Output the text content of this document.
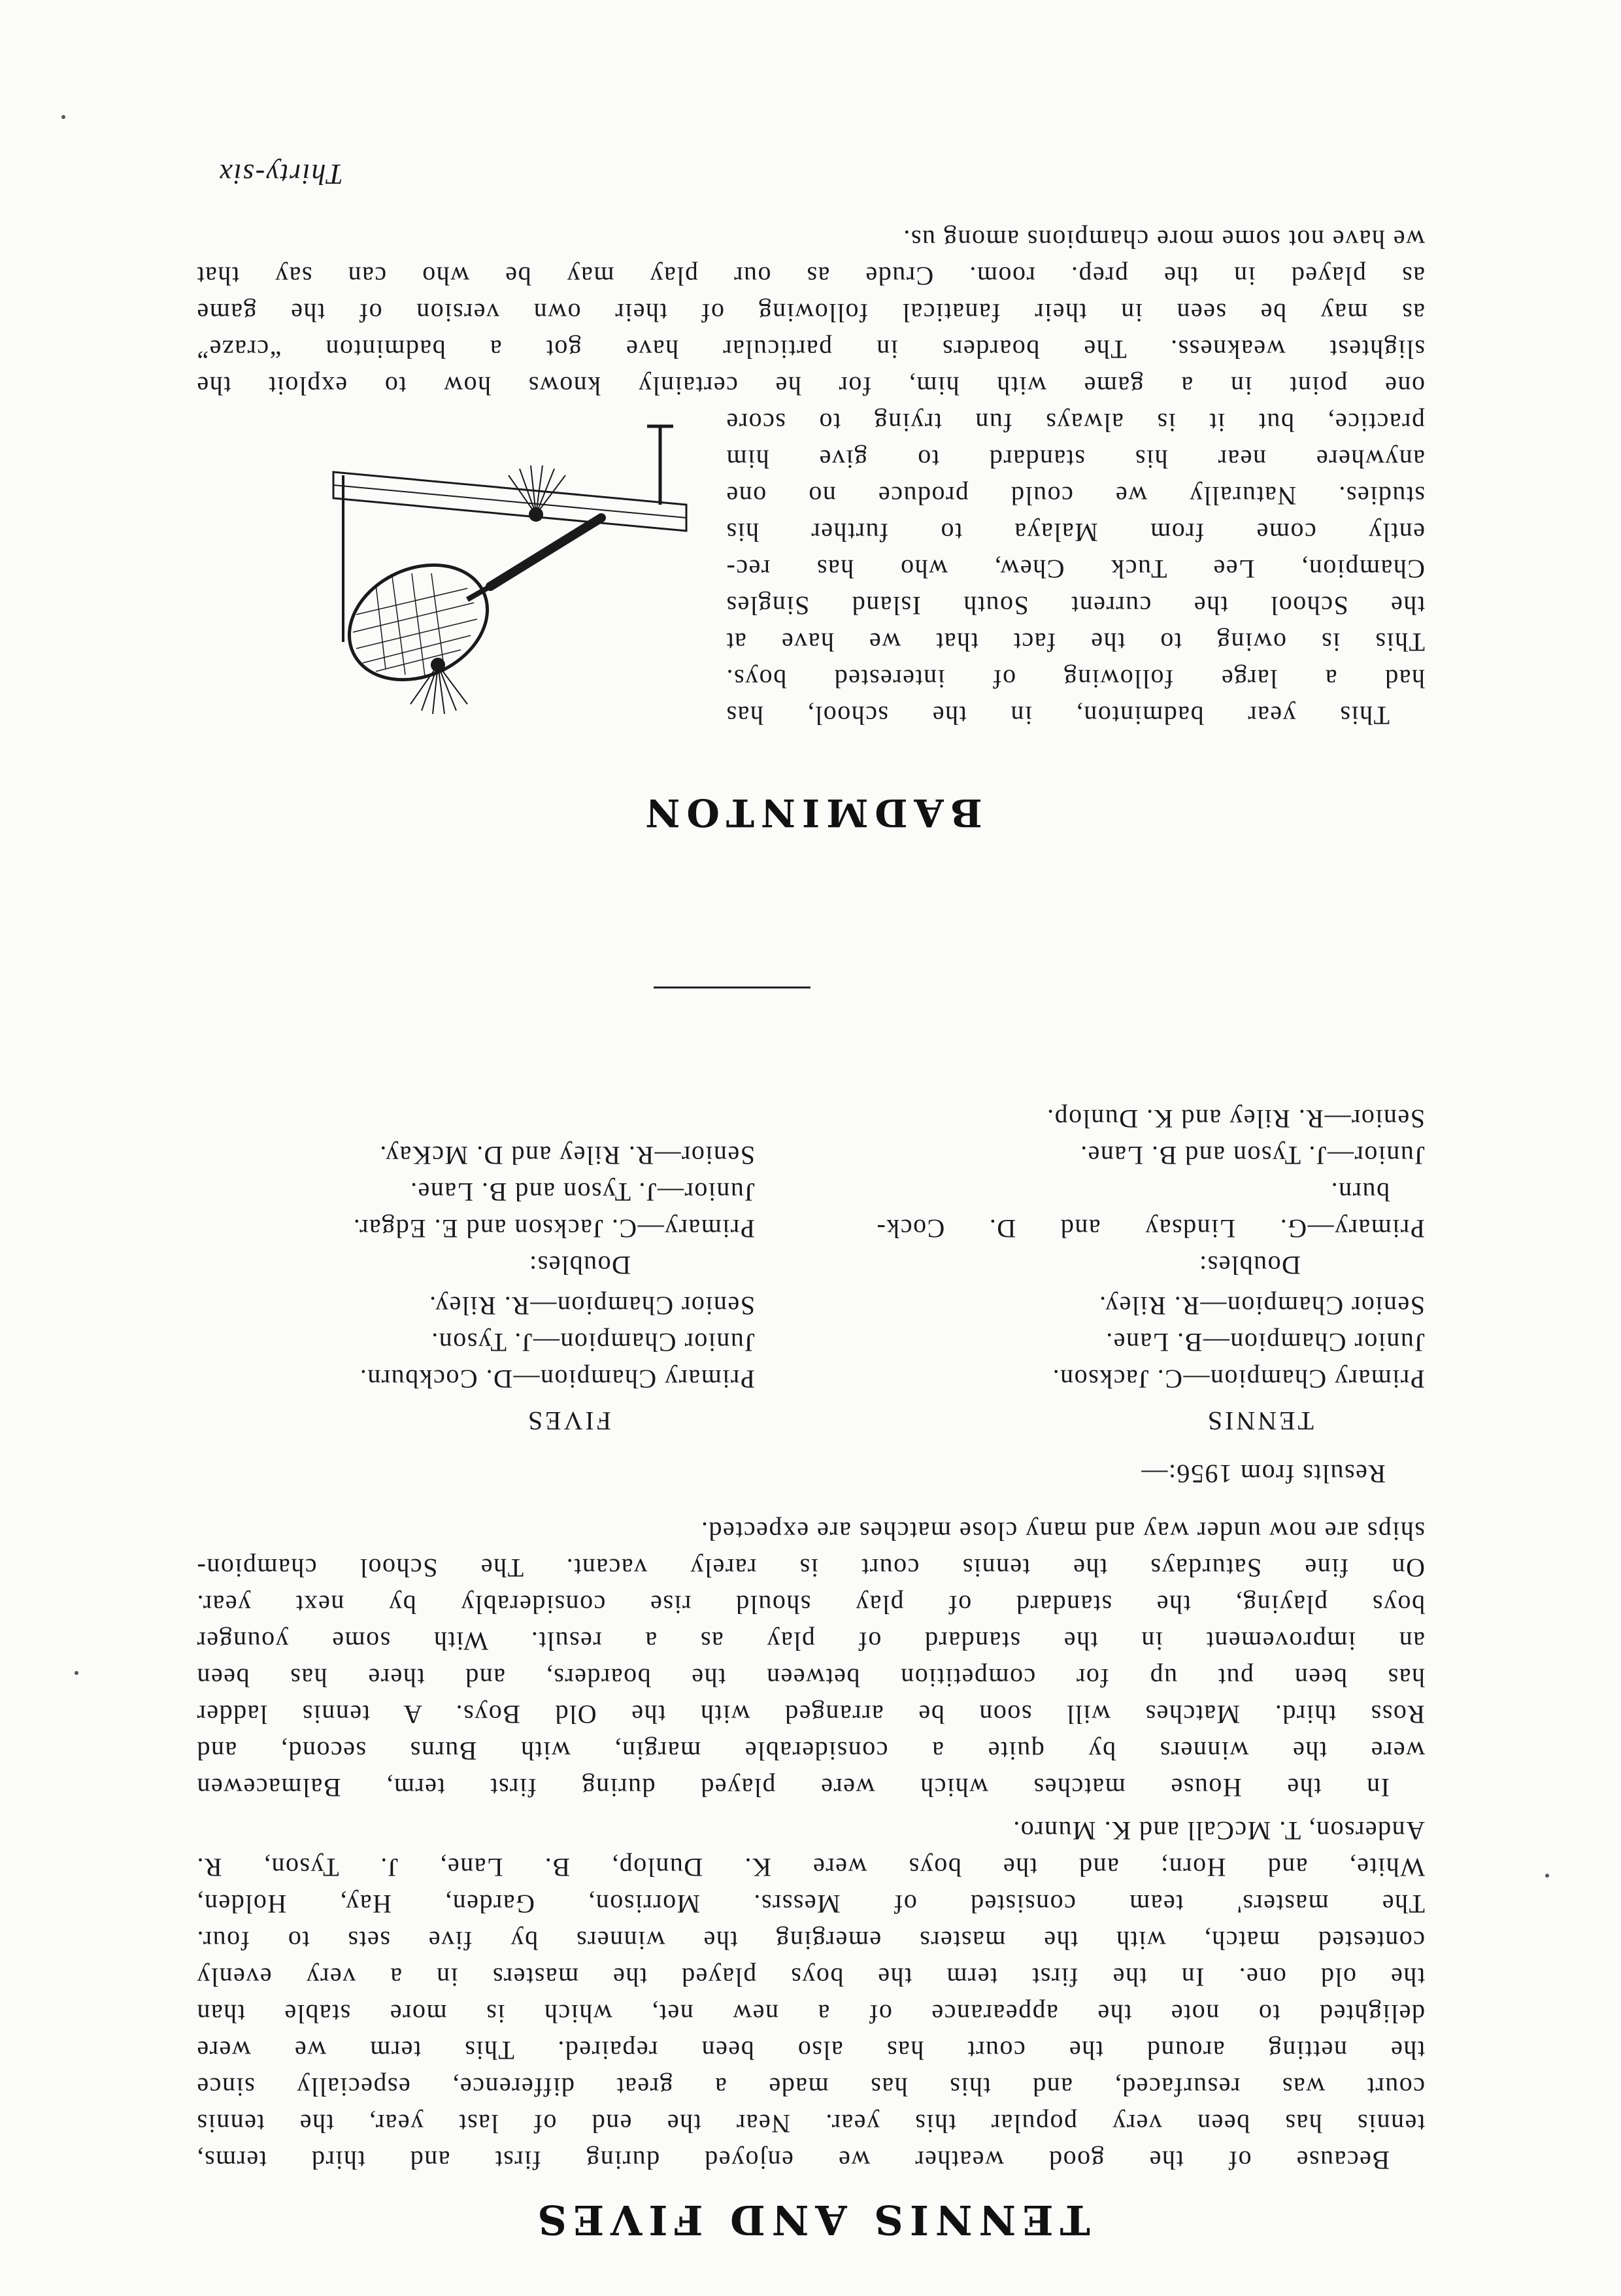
TENNIS AND FIVES
Because of the good weather we enjoyed during first and third terms,
tennis has been very popular this year. Near the end of last year, the tennis
court was resurfaced, and this has made a great difference, especially since
the netting around the court has also been repaired. This term we were
delighted to note the appearance of a new net, which is more stable than
the old one. In the first term the boys played the masters in a very evenly
contested match, with the masters emerging the winners by five sets to four.
The masters' team consisted of Messrs. Morrison, Garden, Hay, Holden,
White, and Horn; and the boys were K. Dunlop, B. Lane, J. Tyson, R.
Anderson, T. McCall and K. Munro.
In the House matches which were played during first term, Balmacewen
were the winners by quite a considerable margin, with Burns second, and
Ross third. Matches will soon be arranged with the Old Boys. A tennis ladder
has been put up for competition between the boarders, and there has been
an improvement in the standard of play as a result. With some younger
boys playing, the standard of play should rise considerably by next year.
On fine Saturdays the tennis court is rarely vacant. The School champion-
ships are now under way and many close matches are expected.
Results from 1956:—
TENNIS
Primary Champion—C. Jackson.
Junior Champion—B. Lane.
Senior Champion—R. Riley.
Doubles:
Primary—G. Lindsay and D. Cock-
burn.
Junior—J. Tyson and B. Lane.
Senior—R. Riley and K. Dunlop.
FIVES
Primary Champion—D. Cockburn.
Junior Champion—J. Tyson.
Senior Champion—R. Riley.
Doubles:
Primary—C. Jackson and E. Edgar.
Junior—J. Tyson and B. Lane.
Senior—R. Riley and D. McKay.
BADMINTON
This year badminton, in the school, has
had a large following of interested boys.
This is owing to the fact that we have at
the School the current South Island Singles
Champion, Lee Tuck Chew, who has rec-
ently come from Malaya to further his
studies. Naturally we could produce no one
anywhere near his standard to give him
practice, but it is always fun trying to score
one point in a game with him, for he certainly knows how to exploit the
slightest weakness. The boarders in particular have got a badminton “craze”
as may be seen in their fanatical following of their own version of the game
as played in the prep. room. Crude as our play may be who can say that
we have not some more champions among us.
Thirty-six
